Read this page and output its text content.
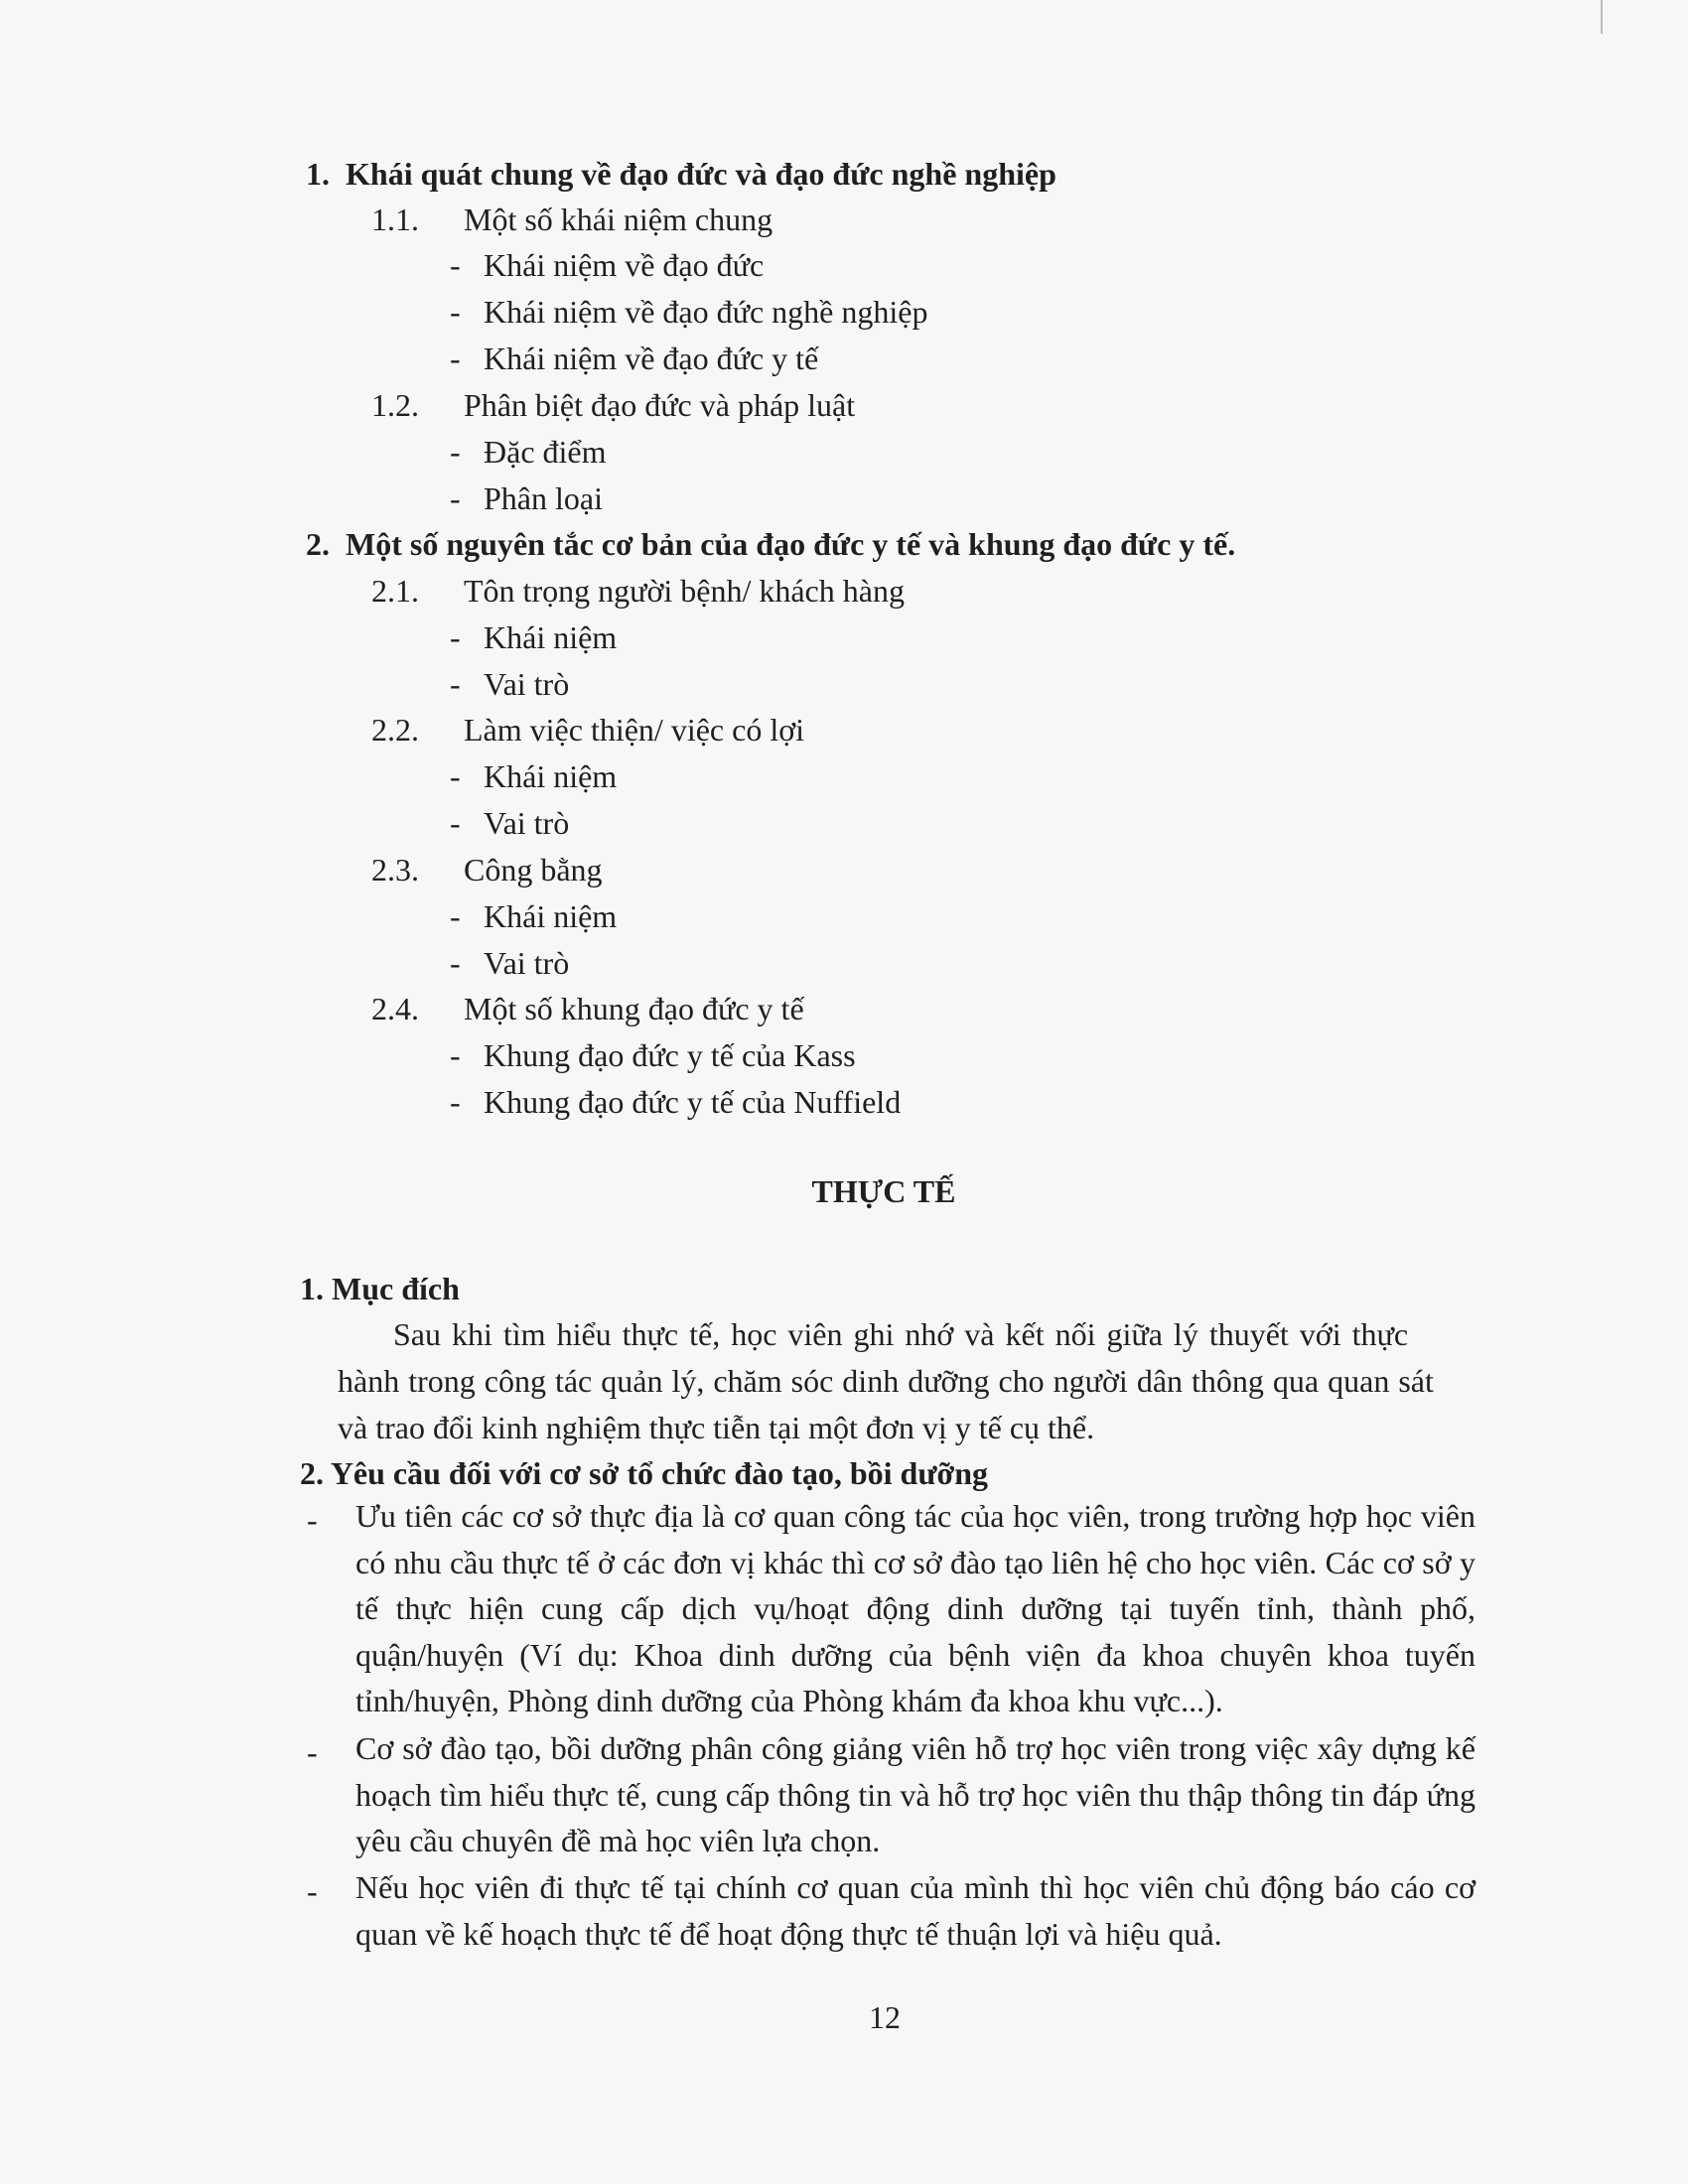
1. Khái quát chung về đạo đức và đạo đức nghề nghiệp
1.1. Một số khái niệm chung
- Khái niệm về đạo đức
- Khái niệm về đạo đức nghề nghiệp
- Khái niệm về đạo đức y tế
1.2. Phân biệt đạo đức và pháp luật
- Đặc điểm
- Phân loại
2. Một số nguyên tắc cơ bản của đạo đức y tế và khung đạo đức y tế.
2.1. Tôn trọng người bệnh/ khách hàng
- Khái niệm
- Vai trò
2.2. Làm việc thiện/ việc có lợi
- Khái niệm
- Vai trò
2.3. Công bằng
- Khái niệm
- Vai trò
2.4. Một số khung đạo đức y tế
- Khung đạo đức y tế của Kass
- Khung đạo đức y tế của Nuffield
THỰC TẾ
1. Mục đích
Sau khi tìm hiểu thực tế, học viên ghi nhớ và kết nối giữa lý thuyết với thực
hành trong công tác quản lý, chăm sóc dinh dưỡng cho người dân thông qua quan sát
và trao đổi kinh nghiệm thực tiễn tại một đơn vị y tế cụ thể.
2. Yêu cầu đối với cơ sở tổ chức đào tạo, bồi dưỡng
- Ưu tiên các cơ sở thực địa là cơ quan công tác của học viên, trong trường hợp học viên có nhu cầu thực tế ở các đơn vị khác thì cơ sở đào tạo liên hệ cho học viên. Các cơ sở y tế thực hiện cung cấp dịch vụ/hoạt động dinh dưỡng tại tuyến tỉnh, thành phố, quận/huyện (Ví dụ: Khoa dinh dưỡng của bệnh viện đa khoa chuyên khoa tuyến tỉnh/huyện, Phòng dinh dưỡng của Phòng khám đa khoa khu vực...).
- Cơ sở đào tạo, bồi dưỡng phân công giảng viên hỗ trợ học viên trong việc xây dựng kế hoạch tìm hiểu thực tế, cung cấp thông tin và hỗ trợ học viên thu thập thông tin đáp ứng yêu cầu chuyên đề mà học viên lựa chọn.
- Nếu học viên đi thực tế tại chính cơ quan của mình thì học viên chủ động báo cáo cơ quan về kế hoạch thực tế để hoạt động thực tế thuận lợi và hiệu quả.
12
